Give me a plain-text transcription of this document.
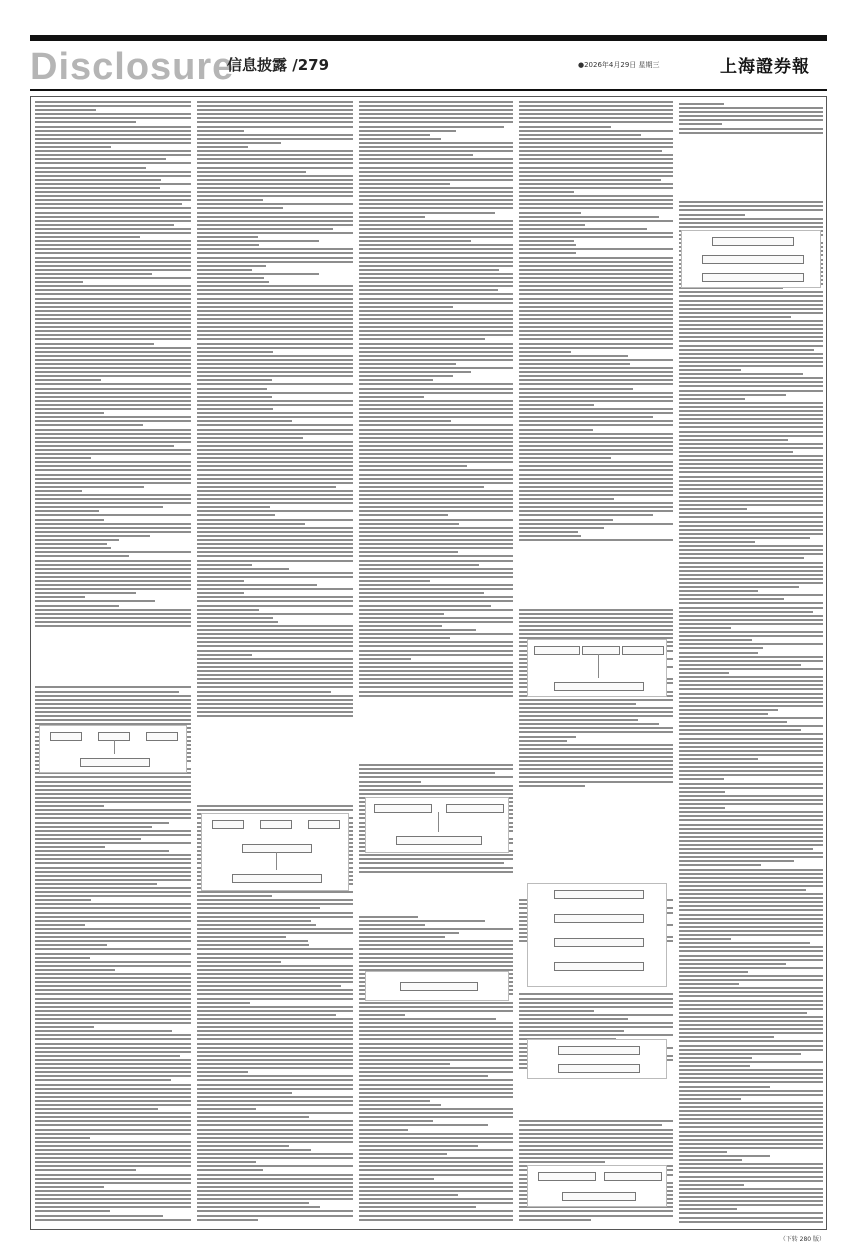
Disclosure
信息披露 /279	●2026年4月29日 星期三	上海證券報
（下转 280 版）
